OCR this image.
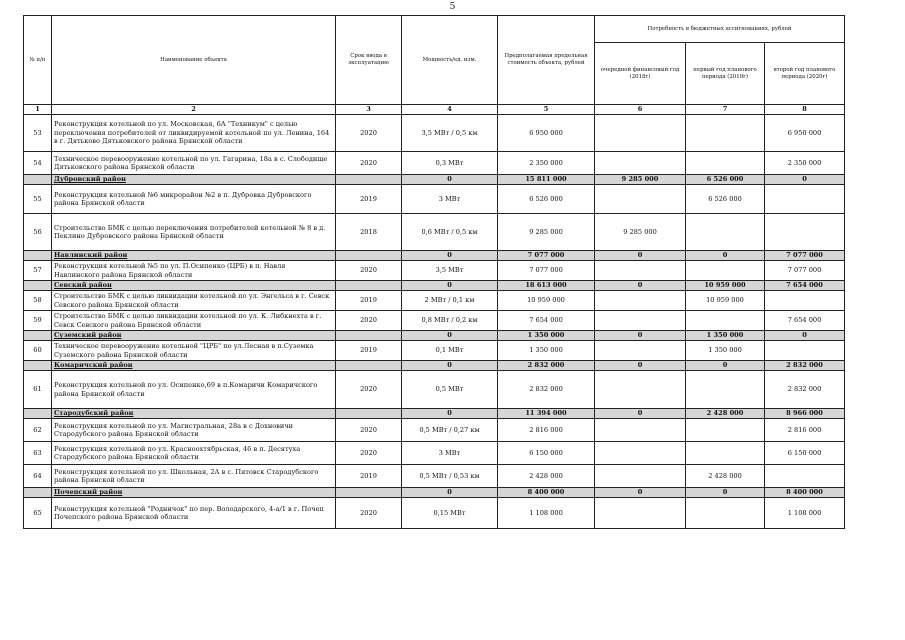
5
№ п/п	Наименование объекта	Срок ввода в эксплуатацию	Мощность/ед. изм.	Предполагаемая предельная стоимость объекта, рублей	Потребность в бюджетных ассигнованиях, рублей		
					очередной финансовый год (2018г)	первый год планового периода (2019г)	второй год планового периода (2020г)
1	2	3	4	5	6	7	8
53	Реконструкция котельной по ул. Московская, 6А "Техникум" с целью переключения потребителей от ликвидируемой котельной по ул. Ленина, 164 в г. Дятьково Дятьковского района Брянской области	2020	3,5 МВт / 0,5 км	6 950 000			6 950 000
54	Техническое перевооружение котельной по ул. Гагарина, 18а в с. Слободище Дятьковского района Брянской области	2020	0,3 МВт	2 350 000			2 350 000
	Дубровский район		0	15 811 000	9 285 000	6 526 000	0
55	Реконструкция котельной №6 микрорайон №2 в п. Дубровка Дубровского района Брянской области	2019	3 МВт	6 526 000		6 526 000	
56	Строительство БМК с целью переключения потребителей котельной № 8 в д. Пеклино Дубровского района Брянской области	2018	0,6 МВт / 0,5 км	9 285 000	9 285 000		
	Навлинский район		0	7 077 000	0	0	7 077 000
57	Реконструкция котельной №5 по ул. П.Осипенко (ЦРБ) в п. Навля Навлинского района Брянской области	2020	3,5 МВт	7 077 000			7 077 000
	Севский район		0	18 613 000	0	10 959 000	7 654 000
58	Строительство БМК с целью ликвидации котельной по ул. Энгельса в г. Севск Севского района Брянской области	2019	2 МВт / 0,1 км	10 959 000		10 959 000	
59	Строительство БМК с целью ликвидации котельной по ул. К. Либкнехта в г. Севск Севского района Брянской области	2020	0,8 МВт / 0,2 км	7 654 000			7 654 000
	Суземский район		0	1 350 000	0	1 350 000	0
60	Техническое перевооружение котельной "ЦРБ" по ул.Лесная в п.Суземка Суземского района Брянской области	2019	0,1 МВт	1 350 000		1 350 000	
	Комаричский район		0	2 832 000	0	0	2 832 000
61	Реконструкция котельной по ул. Осипенко,69 в п.Комаричи Комаричского района Брянской области	2020	0,5 МВт	2 832 000			2 832 000
	Стародубский район		0	11 394 000	0	2 428 000	8 966 000
62	Реконструкция котельной по ул. Магистральная, 28а в с Дохновичи Стародубского района Брянской области	2020	0,5 МВт / 0,27 км	2 816 000			2 816 000
63	Реконструкция котельной по ул. Красноохтябрьская, 46 в п. Десятуха Стародубского района Брянской области	2020	3 МВт	6 150 000			6 150 000
64	Реконструкция котельной по ул. Школьная, 2А в с. Пятовск Стародубского района Брянской области	2019	0,5 МВт / 0,53 км	2 428 000		2 428 000	
	Почепский район		0	8 400 000	0	0	8 400 000
65	Реконструкция котельной "Родничок" по пер. Володарского, 4-а/1 в г. Почеп Почепского района Брянской области	2020	0,15 МВт	1 108 000			1 108 000
